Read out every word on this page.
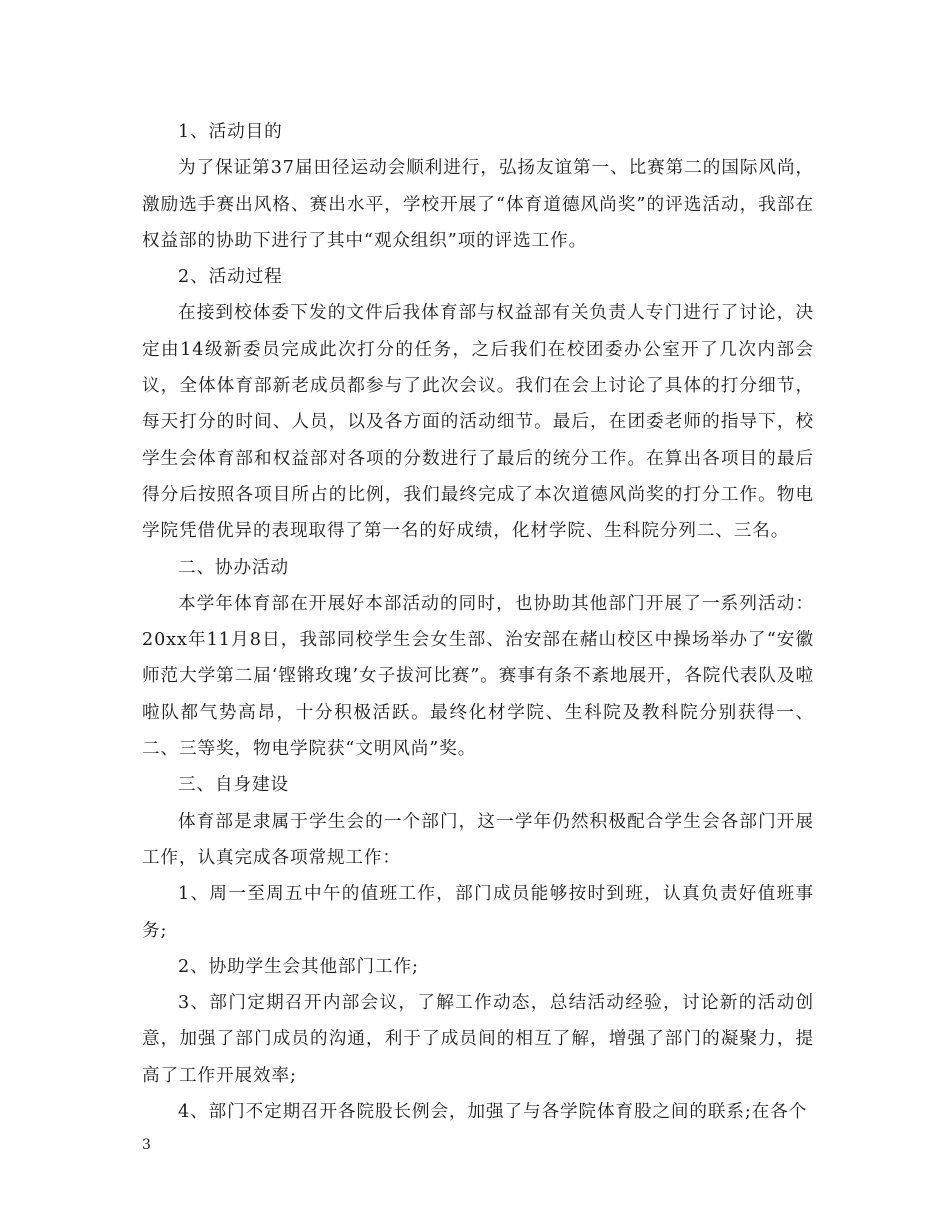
1、活动目的

为了保证第37届田径运动会顺利进行，弘扬友谊第一、比赛第二的国际风尚，激励选手赛出风格、赛出水平，学校开展了“体育道德风尚奖”的评选活动，我部在权益部的协助下进行了其中“观众组织”项的评选工作。

2、活动过程

在接到校体委下发的文件后我体育部与权益部有关负责人专门进行了讨论，决定由14级新委员完成此次打分的任务，之后我们在校团委办公室开了几次内部会议，全体体育部新老成员都参与了此次会议。我们在会上讨论了具体的打分细节，每天打分的时间、人员，以及各方面的活动细节。最后，在团委老师的指导下，校学生会体育部和权益部对各项的分数进行了最后的统分工作。在算出各项目的最后得分后按照各项目所占的比例，我们最终完成了本次道德风尚奖的打分工作。物电学院凭借优异的表现取得了第一名的好成绩，化材学院、生科院分列二、三名。

二、协办活动

本学年体育部在开展好本部活动的同时，也协助其他部门开展了一系列活动：20xx年11月8日，我部同校学生会女生部、治安部在赭山校区中操场举办了“安徽师范大学第二届‘铿锵玫瑰’女子拔河比赛”。赛事有条不紊地展开，各院代表队及啦啦队都气势高昂，十分积极活跃。最终化材学院、生科院及教科院分别获得一、二、三等奖，物电学院获“文明风尚”奖。

三、自身建设

体育部是隶属于学生会的一个部门，这一学年仍然积极配合学生会各部门开展工作，认真完成各项常规工作：

1、周一至周五中午的值班工作，部门成员能够按时到班，认真负责好值班事务;

2、协助学生会其他部门工作;

3、部门定期召开内部会议，了解工作动态，总结活动经验，讨论新的活动创意，加强了部门成员的沟通，利于了成员间的相互了解，增强了部门的凝聚力，提高了工作开展效率;

4、部门不定期召开各院股长例会，加强了与各学院体育股之间的联系;在各个

3
